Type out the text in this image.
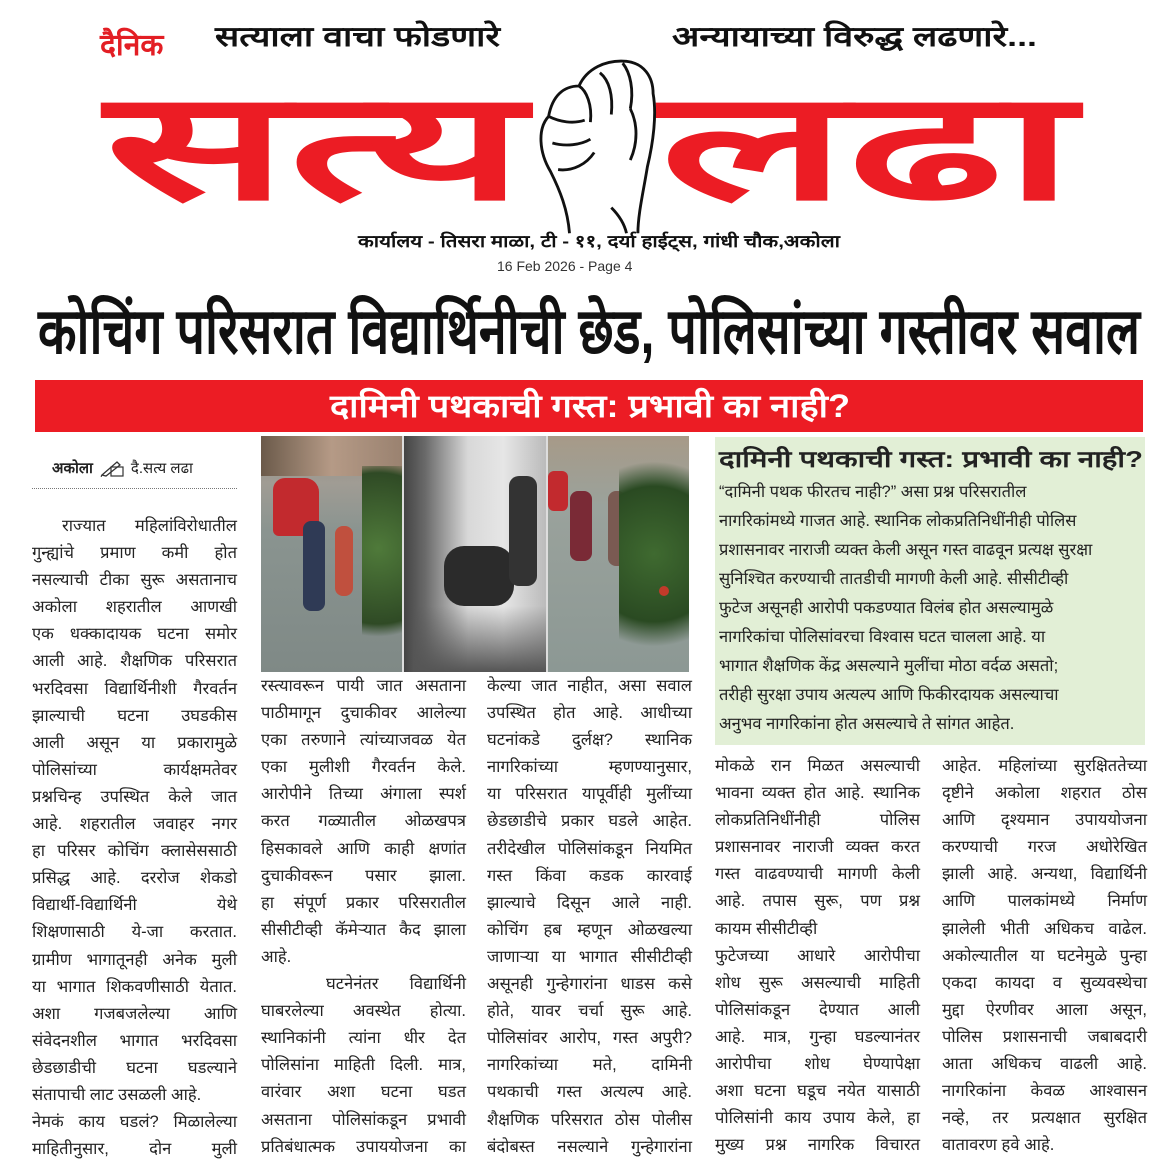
दैनिक सत्याला वाचा फोडणारे	अन्यायाच्या विरुद्ध लढणारे...
सत्य लढा
कार्यालय - तिसरा माळा, टी - ११, दर्या हाईट्स, गांधी चौक,अकोला
16 Feb 2026 - Page 4
कोचिंग परिसरात विद्यार्थिनीची छेड, पोलिसांच्या गस्तीवर सवाल
दामिनी पथकाची गस्त: प्रभावी का नाही?
अकोला	दै.सत्य लढा	दामिनी पथकाची गस्त: प्रभावी का नाही?
“दामिनी पथक फीरतच नाही?” असा प्रश्न परिसरातील
नागरिकांमध्ये गाजत आहे. स्थानिक लोकप्रतिनिधींनीही पोलिस
प्रशासनावर नाराजी व्यक्त केली असून गस्त वाढवून प्रत्यक्ष सुरक्षा
सुनिश्चित करण्याची तातडीची मागणी केली आहे. सीसीटीव्ही
फुटेज असूनही आरोपी पकडण्यात विलंब होत असल्यामुळे
नागरिकांचा पोलिसांवरचा विश्वास घटत चालला आहे. या
भागात शैक्षणिक केंद्र असल्याने मुलींचा मोठा वर्दळ असतो;
तरीही सुरक्षा उपाय अत्यल्प आणि फिकीरदायक असल्याचा
अनुभव नागरिकांना होत असल्याचे ते सांगत आहेत.
राज्यात महिलांविरोधातील
गुन्ह्यांचे प्रमाण कमी होत
नसल्याची टीका सुरू असतानाच
अकोला शहरातील आणखी
एक धक्कादायक घटना समोर
आली आहे. शैक्षणिक परिसरात
भरदिवसा विद्यार्थिनीशी गैरवर्तन
झाल्याची घटना उघडकीस
आली असून या प्रकारामुळे
पोलिसांच्या कार्यक्षमतेवर
प्रश्नचिन्ह उपस्थित केले जात
आहे. शहरातील जवाहर नगर
हा परिसर कोचिंग क्लासेससाठी
प्रसिद्ध आहे. दररोज शेकडो
विद्यार्थी-विद्यार्थिनी येथे
शिक्षणासाठी ये-जा करतात.
ग्रामीण भागातूनही अनेक मुली
या भागात शिकवणीसाठी येतात.
अशा गजबजलेल्या आणि
संवेदनशील भागात भरदिवसा
छेडछाडीची घटना घडल्याने
संतापाची लाट उसळली आहे.
नेमकं काय घडलं? मिळालेल्या
माहितीनुसार, दोन मुली
रस्त्यावरून पायी जात असताना
पाठीमागून दुचाकीवर आलेल्या
एका तरुणाने त्यांच्याजवळ येत
एका मुलीशी गैरवर्तन केले.
आरोपीने तिच्या अंगाला स्पर्श
करत गळ्यातील ओळखपत्र
हिसकावले आणि काही क्षणांत
दुचाकीवरून पसार झाला.
हा संपूर्ण प्रकार परिसरातील
सीसीटीव्ही कॅमेऱ्यात कैद झाला
आहे.
घटनेनंतर विद्यार्थिनी
घाबरलेल्या अवस्थेत होत्या.
स्थानिकांनी त्यांना धीर देत
पोलिसांना माहिती दिली. मात्र,
वारंवार अशा घटना घडत
असताना पोलिसांकडून प्रभावी
प्रतिबंधात्मक उपाययोजना का
केल्या जात नाहीत, असा सवाल
उपस्थित होत आहे. आधीच्या
घटनांकडे दुर्लक्ष? स्थानिक
नागरिकांच्या म्हणण्यानुसार,
या परिसरात यापूर्वीही मुलींच्या
छेडछाडीचे प्रकार घडले आहेत.
तरीदेखील पोलिसांकडून नियमित
गस्त किंवा कडक कारवाई
झाल्याचे दिसून आले नाही.
कोचिंग हब म्हणून ओळखल्या
जाणाऱ्या या भागात सीसीटीव्ही
असूनही गुन्हेगारांना धाडस कसे
होते, यावर चर्चा सुरू आहे.
पोलिसांवर आरोप, गस्त अपुरी?
नागरिकांच्या मते, दामिनी
पथकाची गस्त अत्यल्प आहे.
शैक्षणिक परिसरात ठोस पोलीस
बंदोबस्त नसल्याने गुन्हेगारांना
मोकळे रान मिळत असल्याची
भावना व्यक्त होत आहे. स्थानिक
लोकप्रतिनिधींनीही पोलिस
प्रशासनावर नाराजी व्यक्त करत
गस्त वाढवण्याची मागणी केली
आहे. तपास सुरू, पण प्रश्न
कायम सीसीटीव्ही
फुटेजच्या आधारे आरोपीचा
शोध सुरू असल्याची माहिती
पोलिसांकडून देण्यात आली
आहे. मात्र, गुन्हा घडल्यानंतर
आरोपीचा शोध घेण्यापेक्षा
अशा घटना घडूच नयेत यासाठी
पोलिसांनी काय उपाय केले, हा
मुख्य प्रश्न नागरिक विचारत
आहेत. महिलांच्या सुरक्षिततेच्या
दृष्टीने अकोला शहरात ठोस
आणि दृश्यमान उपाययोजना
करण्याची गरज अधोरेखित
झाली आहे. अन्यथा, विद्यार्थिनी
आणि पालकांमध्ये निर्माण
झालेली भीती अधिकच वाढेल.
अकोल्यातील या घटनेमुळे पुन्हा
एकदा कायदा व सुव्यवस्थेचा
मुद्दा ऐरणीवर आला असून,
पोलिस प्रशासनाची जबाबदारी
आता अधिकच वाढली आहे.
नागरिकांना केवळ आश्वासन
नव्हे, तर प्रत्यक्षात सुरक्षित
वातावरण हवे आहे.
